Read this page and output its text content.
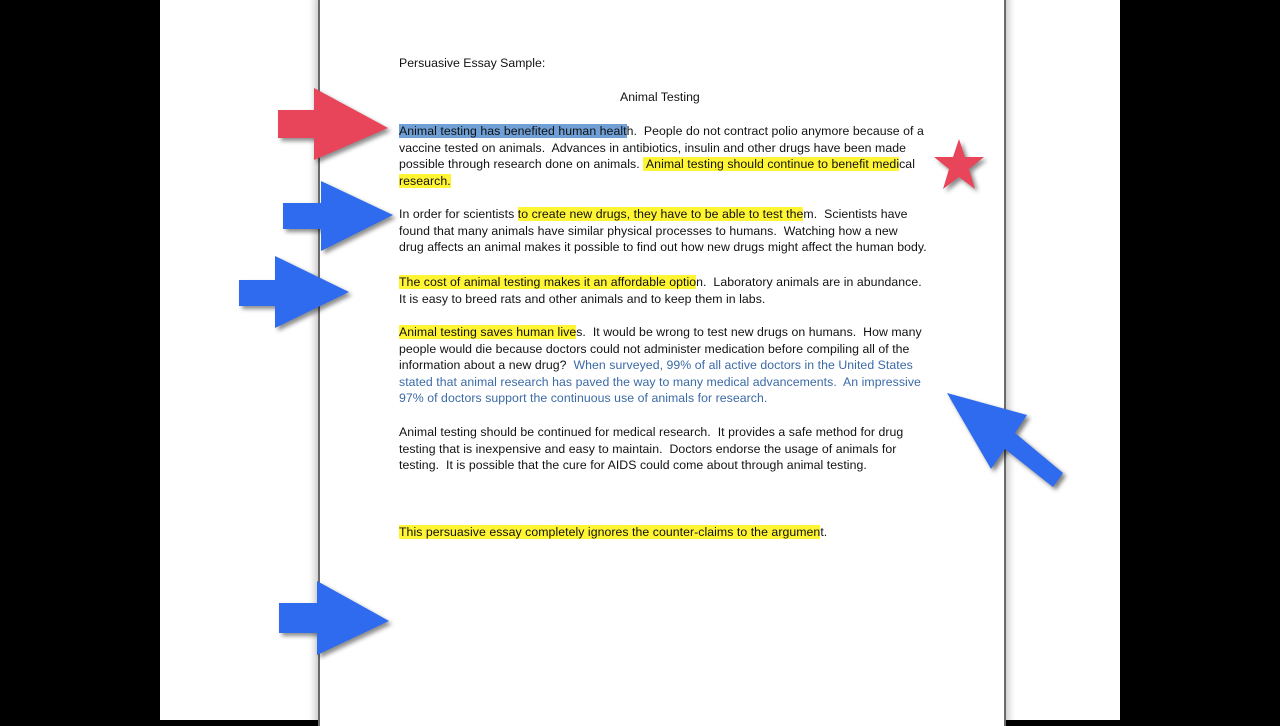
Persuasive Essay Sample:
Animal Testing
Animal testing has benefited human health.  People do not contract polio anymore because of a
vaccine tested on animals.  Advances in antibiotics, insulin and other drugs have been made
possible through research done on animals.  Animal testing should continue to benefit medical
research.
In order for scientists to create new drugs, they have to be able to test them.  Scientists have
found that many animals have similar physical processes to humans.  Watching how a new
drug affects an animal makes it possible to find out how new drugs might affect the human body.
The cost of animal testing makes it an affordable option.  Laboratory animals are in abundance.
It is easy to breed rats and other animals and to keep them in labs.
Animal testing saves human lives.  It would be wrong to test new drugs on humans.  How many
people would die because doctors could not administer medication before compiling all of the
information about a new drug?  When surveyed, 99% of all active doctors in the United States
stated that animal research has paved the way to many medical advancements.  An impressive
97% of doctors support the continuous use of animals for research.
Animal testing should be continued for medical research.  It provides a safe method for drug
testing that is inexpensive and easy to maintain.  Doctors endorse the usage of animals for
testing.  It is possible that the cure for AIDS could come about through animal testing.
This persuasive essay completely ignores the counter-claims to the argument.
